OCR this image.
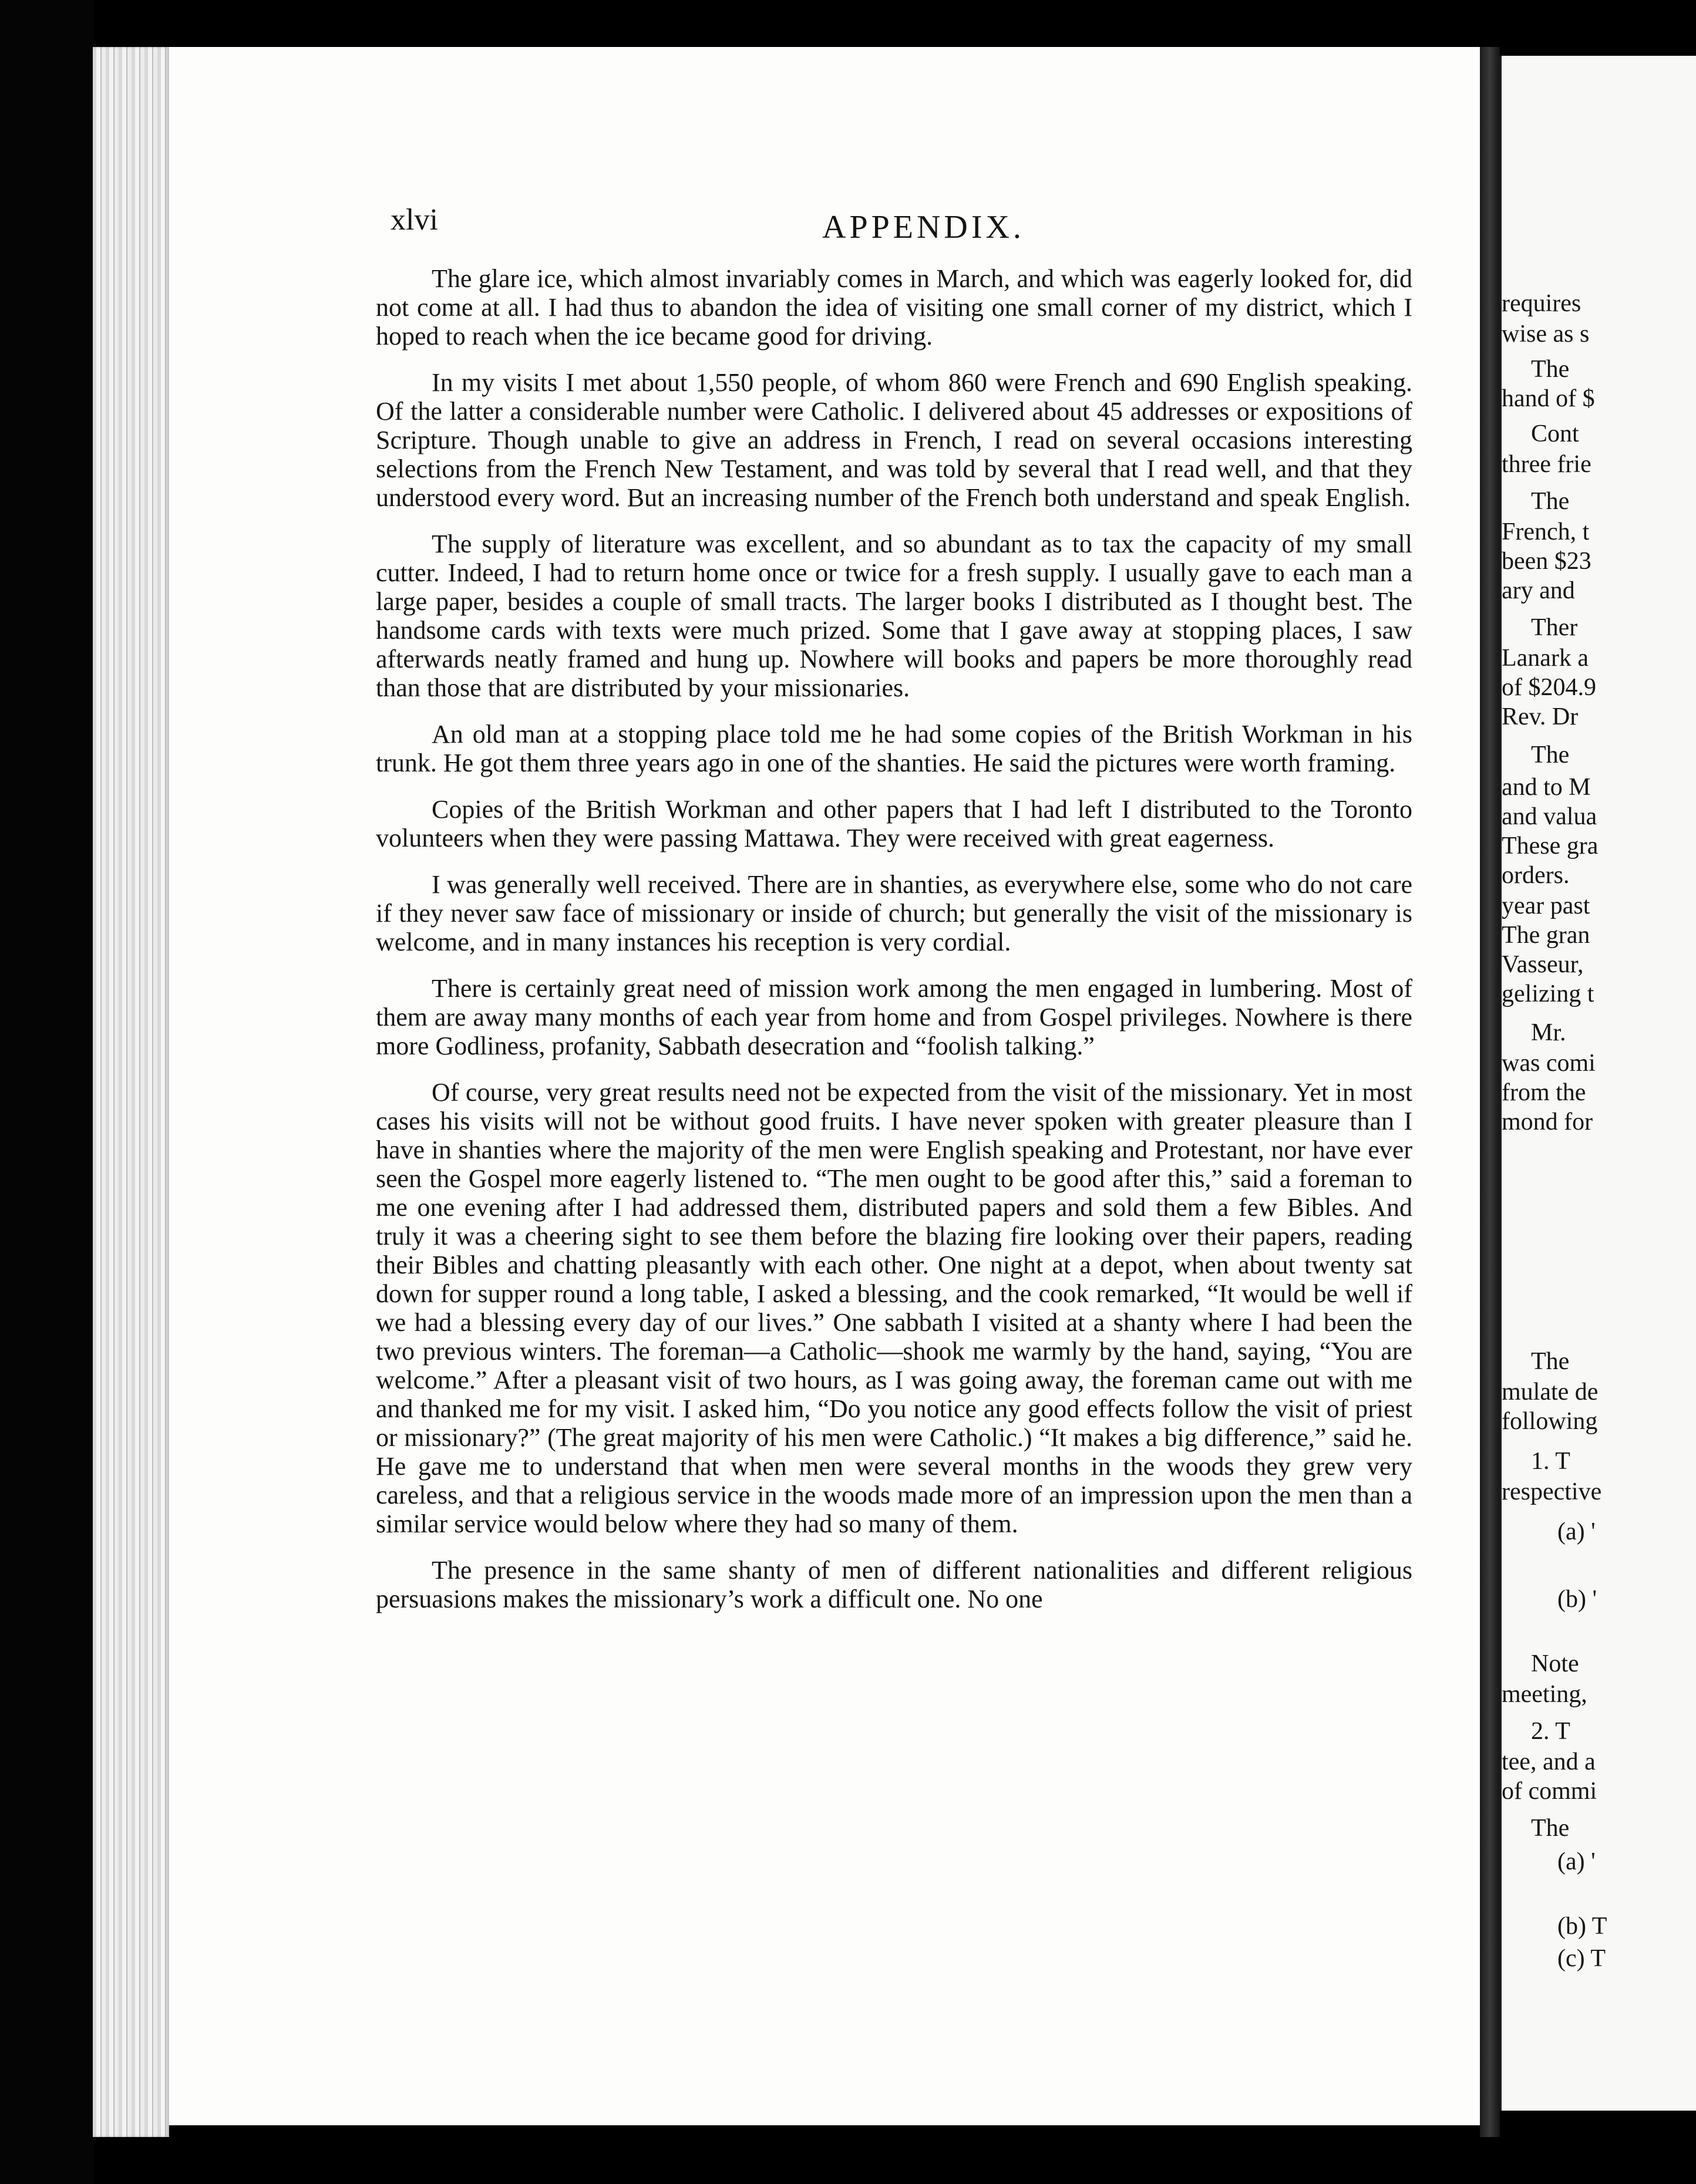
xlvi	APPENDIX.

The glare ice, which almost invariably comes in March, and which was eagerly looked for, did not come at all. I had thus to abandon the idea of visiting one small corner of my district, which I hoped to reach when the ice became good for driving.

In my visits I met about 1,550 people, of whom 860 were French and 690 English speaking. Of the latter a considerable number were Catholic. I delivered about 45 addresses or expositions of Scripture. Though unable to give an address in French, I read on several occasions interesting selections from the French New Testament, and was told by several that I read well, and that they understood every word. But an increasing number of the French both understand and speak English.

The supply of literature was excellent, and so abundant as to tax the capacity of my small cutter. Indeed, I had to return home once or twice for a fresh supply. I usually gave to each man a large paper, besides a couple of small tracts. The larger books I distributed as I thought best. The handsome cards with texts were much prized. Some that I gave away at stopping places, I saw afterwards neatly framed and hung up. Nowhere will books and papers be more thoroughly read than those that are distributed by your missionaries.

An old man at a stopping place told me he had some copies of the British Workman in his trunk. He got them three years ago in one of the shanties. He said the pictures were worth framing.

Copies of the British Workman and other papers that I had left I distributed to the Toronto volunteers when they were passing Mattawa. They were received with great eagerness.

I was generally well received. There are in shanties, as everywhere else, some who do not care if they never saw face of missionary or inside of church; but generally the visit of the missionary is welcome, and in many instances his reception is very cordial.

There is certainly great need of mission work among the men engaged in lumbering. Most of them are away many months of each year from home and from Gospel privileges. Nowhere is there more Godliness, profanity, Sabbath desecration and “foolish talking.”

Of course, very great results need not be expected from the visit of the missionary. Yet in most cases his visits will not be without good fruits. I have never spoken with greater pleasure than I have in shanties where the majority of the men were English speaking and Protestant, nor have ever seen the Gospel more eagerly listened to. “The men ought to be good after this,” said a foreman to me one evening after I had addressed them, distributed papers and sold them a few Bibles. And truly it was a cheering sight to see them before the blazing fire looking over their papers, reading their Bibles and chatting pleasantly with each other. One night at a depot, when about twenty sat down for supper round a long table, I asked a blessing, and the cook remarked, “It would be well if we had a blessing every day of our lives.” One sabbath I visited at a shanty where I had been the two previous winters. The foreman—a Catholic—shook me warmly by the hand, saying, “You are welcome.” After a pleasant visit of two hours, as I was going away, the foreman came out with me and thanked me for my visit. I asked him, “Do you notice any good effects follow the visit of priest or missionary?” (The great majority of his men were Catholic.) “It makes a big difference,” said he. He gave me to understand that when men were several months in the woods they grew very careless, and that a religious service in the woods made more of an impression upon the men than a similar service would below where they had so many of them.

The presence in the same shanty of men of different nationalities and different religious persuasions makes the missionary’s work a difficult one. No one

requires
wise as s
The
hand of $
Cont
three frie
The
French, t
been $23
ary and
Ther
Lanark a
of $204.9
Rev. Dr
The
and to M
and valua
These gra
orders.
year past
The gran
Vasseur,
gelizing t
Mr.
was comi
from the
mond for
The
mulate de
following
1. T
respective
(a) '
(b) '
Note
meeting,
2. T
tee, and a
of commi
The
(a) '
(b) T
(c) T
